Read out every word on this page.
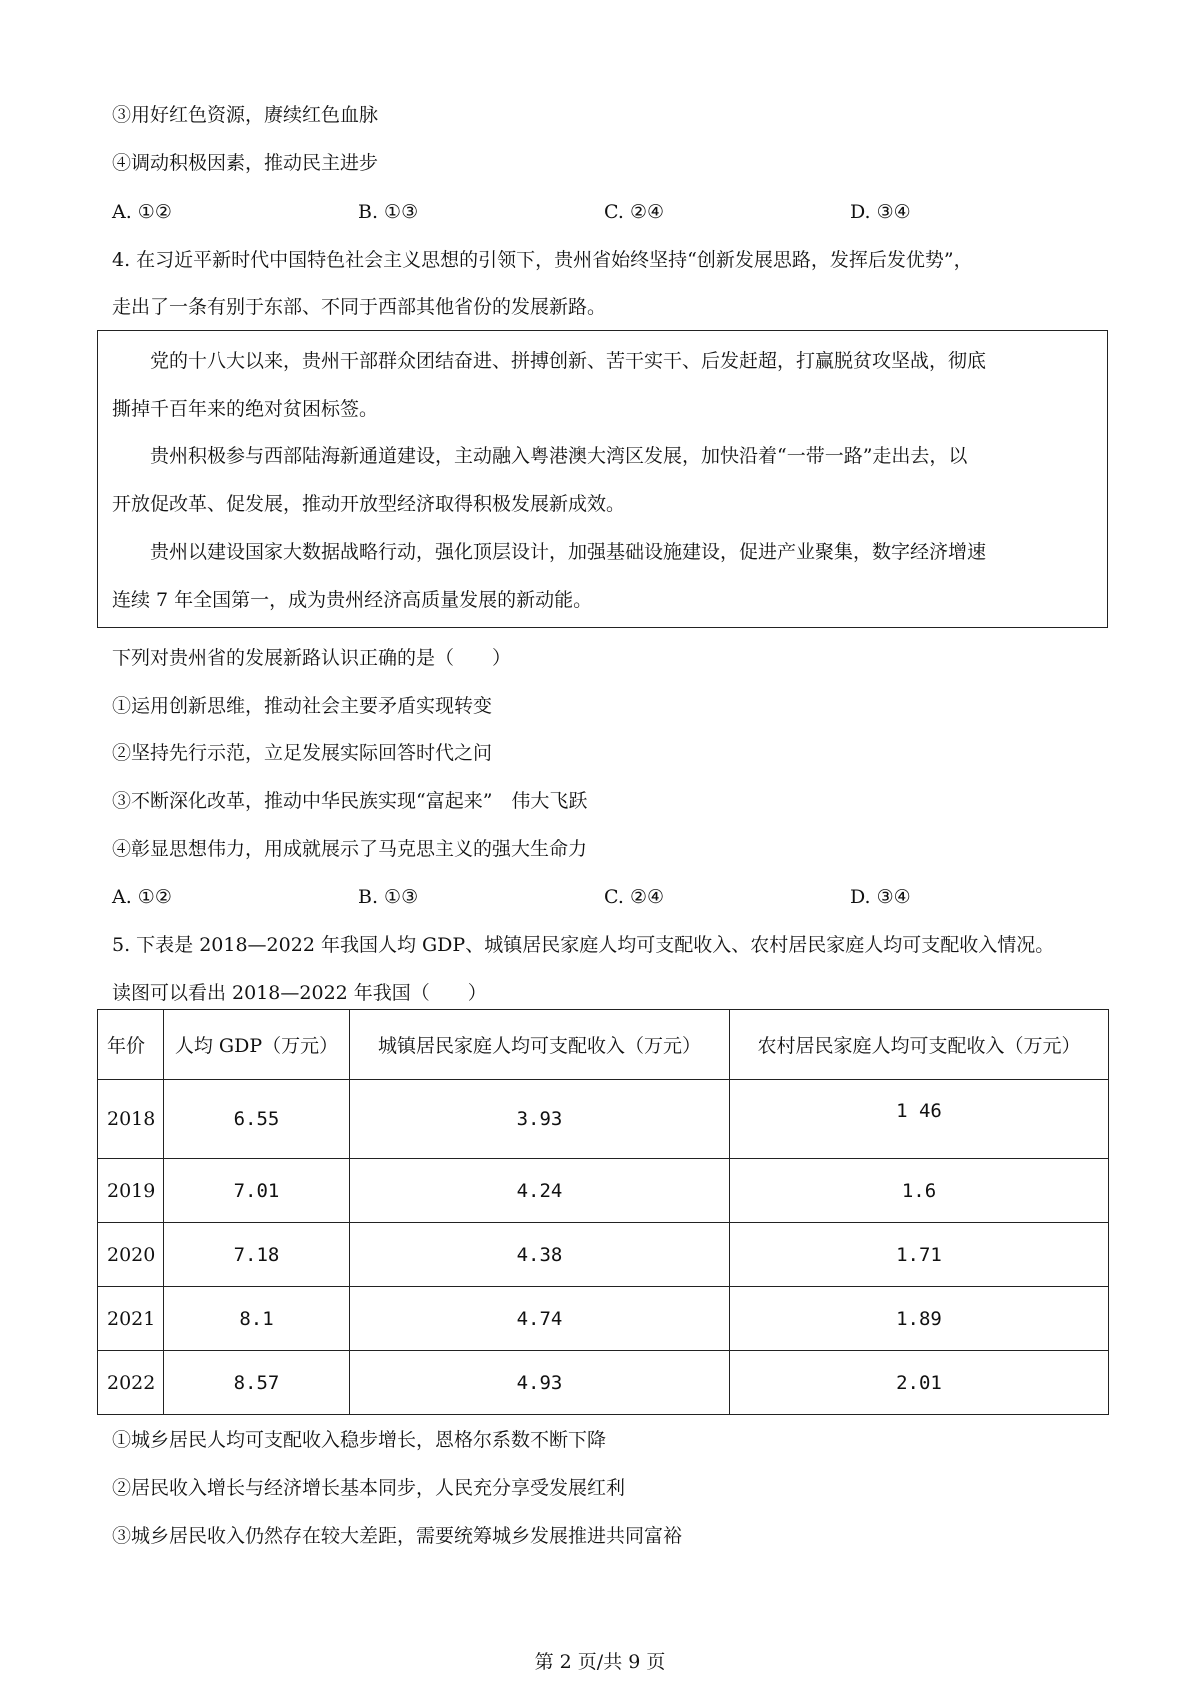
③用好红色资源，赓续红色血脉
④调动积极因素，推动民主进步
A. ①②	B. ①③	C. ②④	D. ③④
4. 在习近平新时代中国特色社会主义思想的引领下，贵州省始终坚持“创新发展思路，发挥后发优势”，
走出了一条有别于东部、不同于西部其他省份的发展新路。

党的十八大以来，贵州干部群众团结奋进、拼搏创新、苦干实干、后发赶超，打赢脱贫攻坚战，彻底

撕掉千百年来的绝对贫困标签。

贵州积极参与西部陆海新通道建设，主动融入粤港澳大湾区发展，加快沿着“一带一路”走出去，以

开放促改革、促发展，推动开放型经济取得积极发展新成效。

贵州以建设国家大数据战略行动，强化顶层设计，加强基础设施建设，促进产业聚集，数字经济增速

连续 7 年全国第一，成为贵州经济高质量发展的新动能。

下列对贵州省的发展新路认识正确的是（　　）
①运用创新思维，推动社会主要矛盾实现转变
②坚持先行示范，立足发展实际回答时代之问
③不断深化改革，推动中华民族实现“富起来”　伟大飞跃
④彰显思想伟力，用成就展示了马克思主义的强大生命力
A. ①②	B. ①③	C. ②④	D. ③④
5. 下表是 2018—2022 年我国人均 GDP、城镇居民家庭人均可支配收入、农村居民家庭人均可支配收入情况。
读图可以看出 2018—2022 年我国（　　）
年价	人均 GDP（万元）	城镇居民家庭人均可支配收入（万元）	农村居民家庭人均可支配收入（万元）
2018	6.55	3.93	1 46
2019	7.01	4.24	1.6
2020	7.18	4.38	1.71
2021	8.1	4.74	1.89
2022	8.57	4.93	2.01
①城乡居民人均可支配收入稳步增长，恩格尔系数不断下降
②居民收入增长与经济增长基本同步，人民充分享受发展红利
③城乡居民收入仍然存在较大差距，需要统筹城乡发展推进共同富裕
第 2 页/共 9 页
